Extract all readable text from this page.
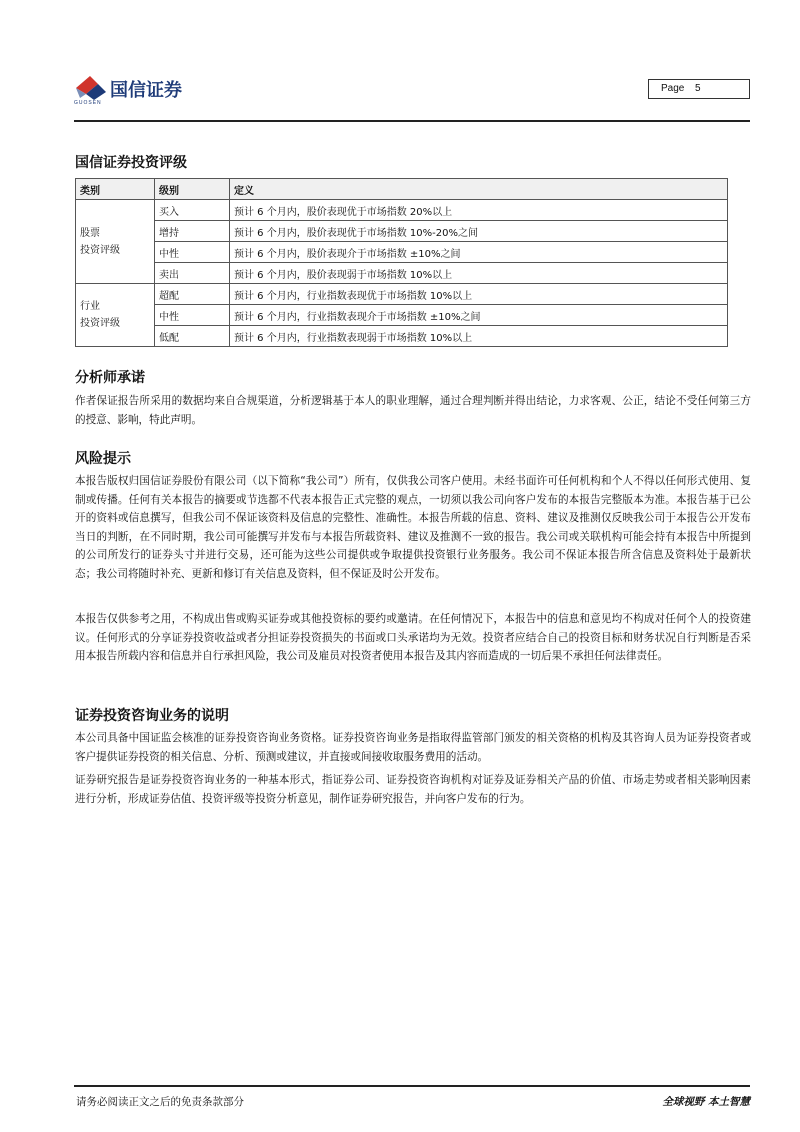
国信证券
GUOSEN
Page 5
国信证券投资评级
类别	级别	定义

股票
投资评级	买入	预计 6 个月内，股价表现优于市场指数 20%以上
	增持	预计 6 个月内，股价表现优于市场指数 10%-20%之间
	中性	预计 6 个月内，股价表现介于市场指数 ±10%之间
	卖出	预计 6 个月内，股价表现弱于市场指数 10%以上

行业
投资评级	超配	预计 6 个月内，行业指数表现优于市场指数 10%以上
	中性	预计 6 个月内，行业指数表现介于市场指数 ±10%之间
	低配	预计 6 个月内，行业指数表现弱于市场指数 10%以上
分析师承诺

作者保证报告所采用的数据均来自合规渠道，分析逻辑基于本人的职业理解，通过合理判断并得出结论，力求客观、公正，结论不受任何第三方的授意、影响，特此声明。

风险提示

本报告版权归国信证券股份有限公司（以下简称“我公司”）所有，仅供我公司客户使用。未经书面许可任何机构和个人不得以任何形式使用、复制或传播。任何有关本报告的摘要或节选都不代表本报告正式完整的观点，一切须以我公司向客户发布的本报告完整版本为准。本报告基于已公开的资料或信息撰写，但我公司不保证该资料及信息的完整性、准确性。本报告所载的信息、资料、建议及推测仅反映我公司于本报告公开发布当日的判断，在不同时期，我公司可能撰写并发布与本报告所载资料、建议及推测不一致的报告。我公司或关联机构可能会持有本报告中所提到的公司所发行的证券头寸并进行交易，还可能为这些公司提供或争取提供投资银行业务服务。我公司不保证本报告所含信息及资料处于最新状态；我公司将随时补充、更新和修订有关信息及资料，但不保证及时公开发布。

本报告仅供参考之用，不构成出售或购买证券或其他投资标的要约或邀请。在任何情况下，本报告中的信息和意见均不构成对任何个人的投资建议。任何形式的分享证券投资收益或者分担证券投资损失的书面或口头承诺均为无效。投资者应结合自己的投资目标和财务状况自行判断是否采用本报告所载内容和信息并自行承担风险，我公司及雇员对投资者使用本报告及其内容而造成的一切后果不承担任何法律责任。

证券投资咨询业务的说明

本公司具备中国证监会核准的证券投资咨询业务资格。证券投资咨询业务是指取得监管部门颁发的相关资格的机构及其咨询人员为证券投资者或客户提供证券投资的相关信息、分析、预测或建议，并直接或间接收取服务费用的活动。

证券研究报告是证券投资咨询业务的一种基本形式，指证券公司、证券投资咨询机构对证券及证券相关产品的价值、市场走势或者相关影响因素进行分析，形成证券估值、投资评级等投资分析意见，制作证券研究报告，并向客户发布的行为。

请务必阅读正文之后的免责条款部分	全球视野 本土智慧
